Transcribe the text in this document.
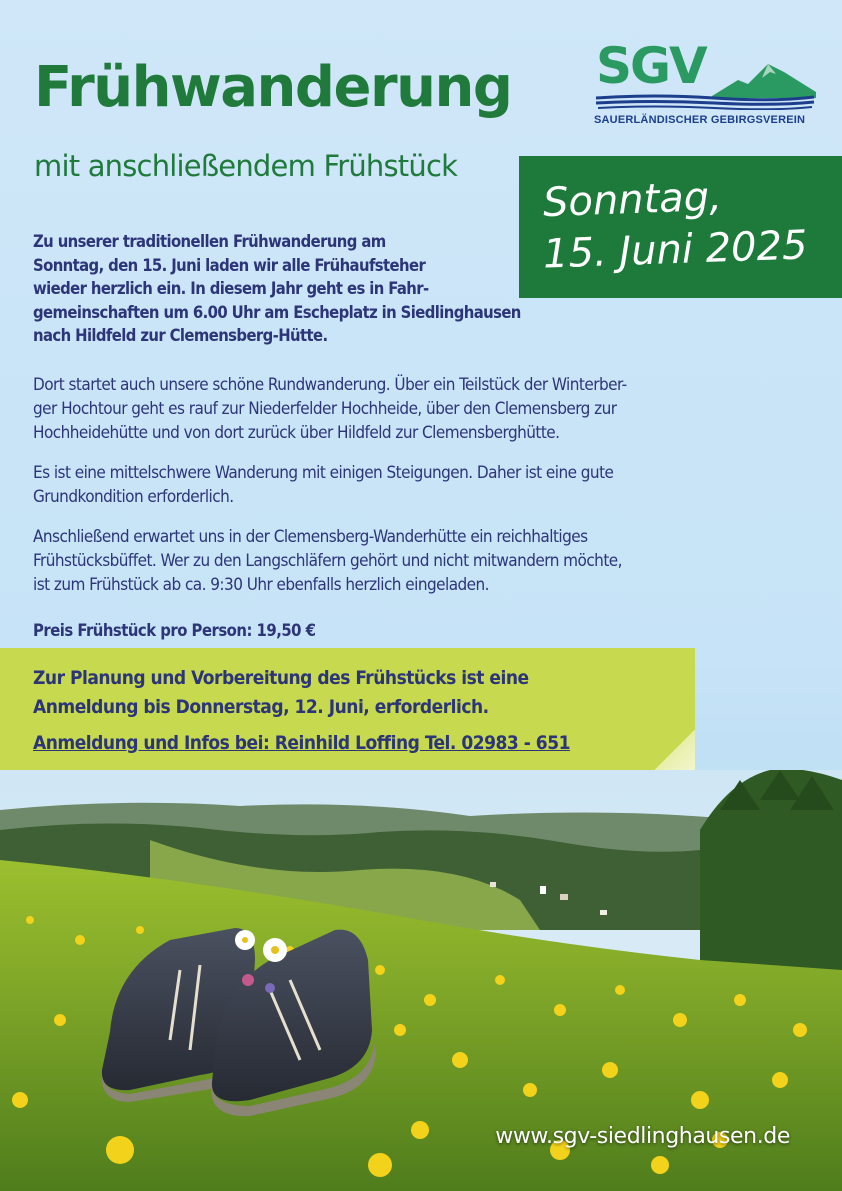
SGV
SAUERLÄNDISCHER GEBIRGSVEREIN
Frühwanderung
mit anschließendem Frühstück
Sonntag,
15. Juni 2025
Zu unserer traditionellen Frühwanderung am
Sonntag, den 15. Juni laden wir alle Frühaufsteher
wieder herzlich ein. In diesem Jahr geht es in Fahr-
gemeinschaften um 6.00 Uhr am Escheplatz in Siedlinghausen
nach Hildfeld zur Clemensberg-Hütte.
Dort startet auch unsere schöne Rundwanderung. Über ein Teilstück der Winterber-
ger Hochtour geht es rauf zur Niederfelder Hochheide, über den Clemensberg zur
Hochheidehütte und von dort zurück über Hildfeld zur Clemensberghütte.
Es ist eine mittelschwere Wanderung mit einigen Steigungen. Daher ist eine gute
Grundkondition erforderlich.
Anschließend erwartet uns in der Clemensberg-Wanderhütte ein reichhaltiges
Frühstücksbüffet. Wer zu den Langschläfern gehört und nicht mitwandern möchte,
ist zum Frühstück ab ca. 9:30 Uhr ebenfalls herzlich eingeladen.
Preis Frühstück pro Person: 19,50 €
Zur Planung und Vorbereitung des Frühstücks ist eine
Anmeldung bis Donnerstag, 12. Juni, erforderlich.
Anmeldung und Infos bei: Reinhild Loffing Tel. 02983 - 651
www.sgv-siedlinghausen.de
